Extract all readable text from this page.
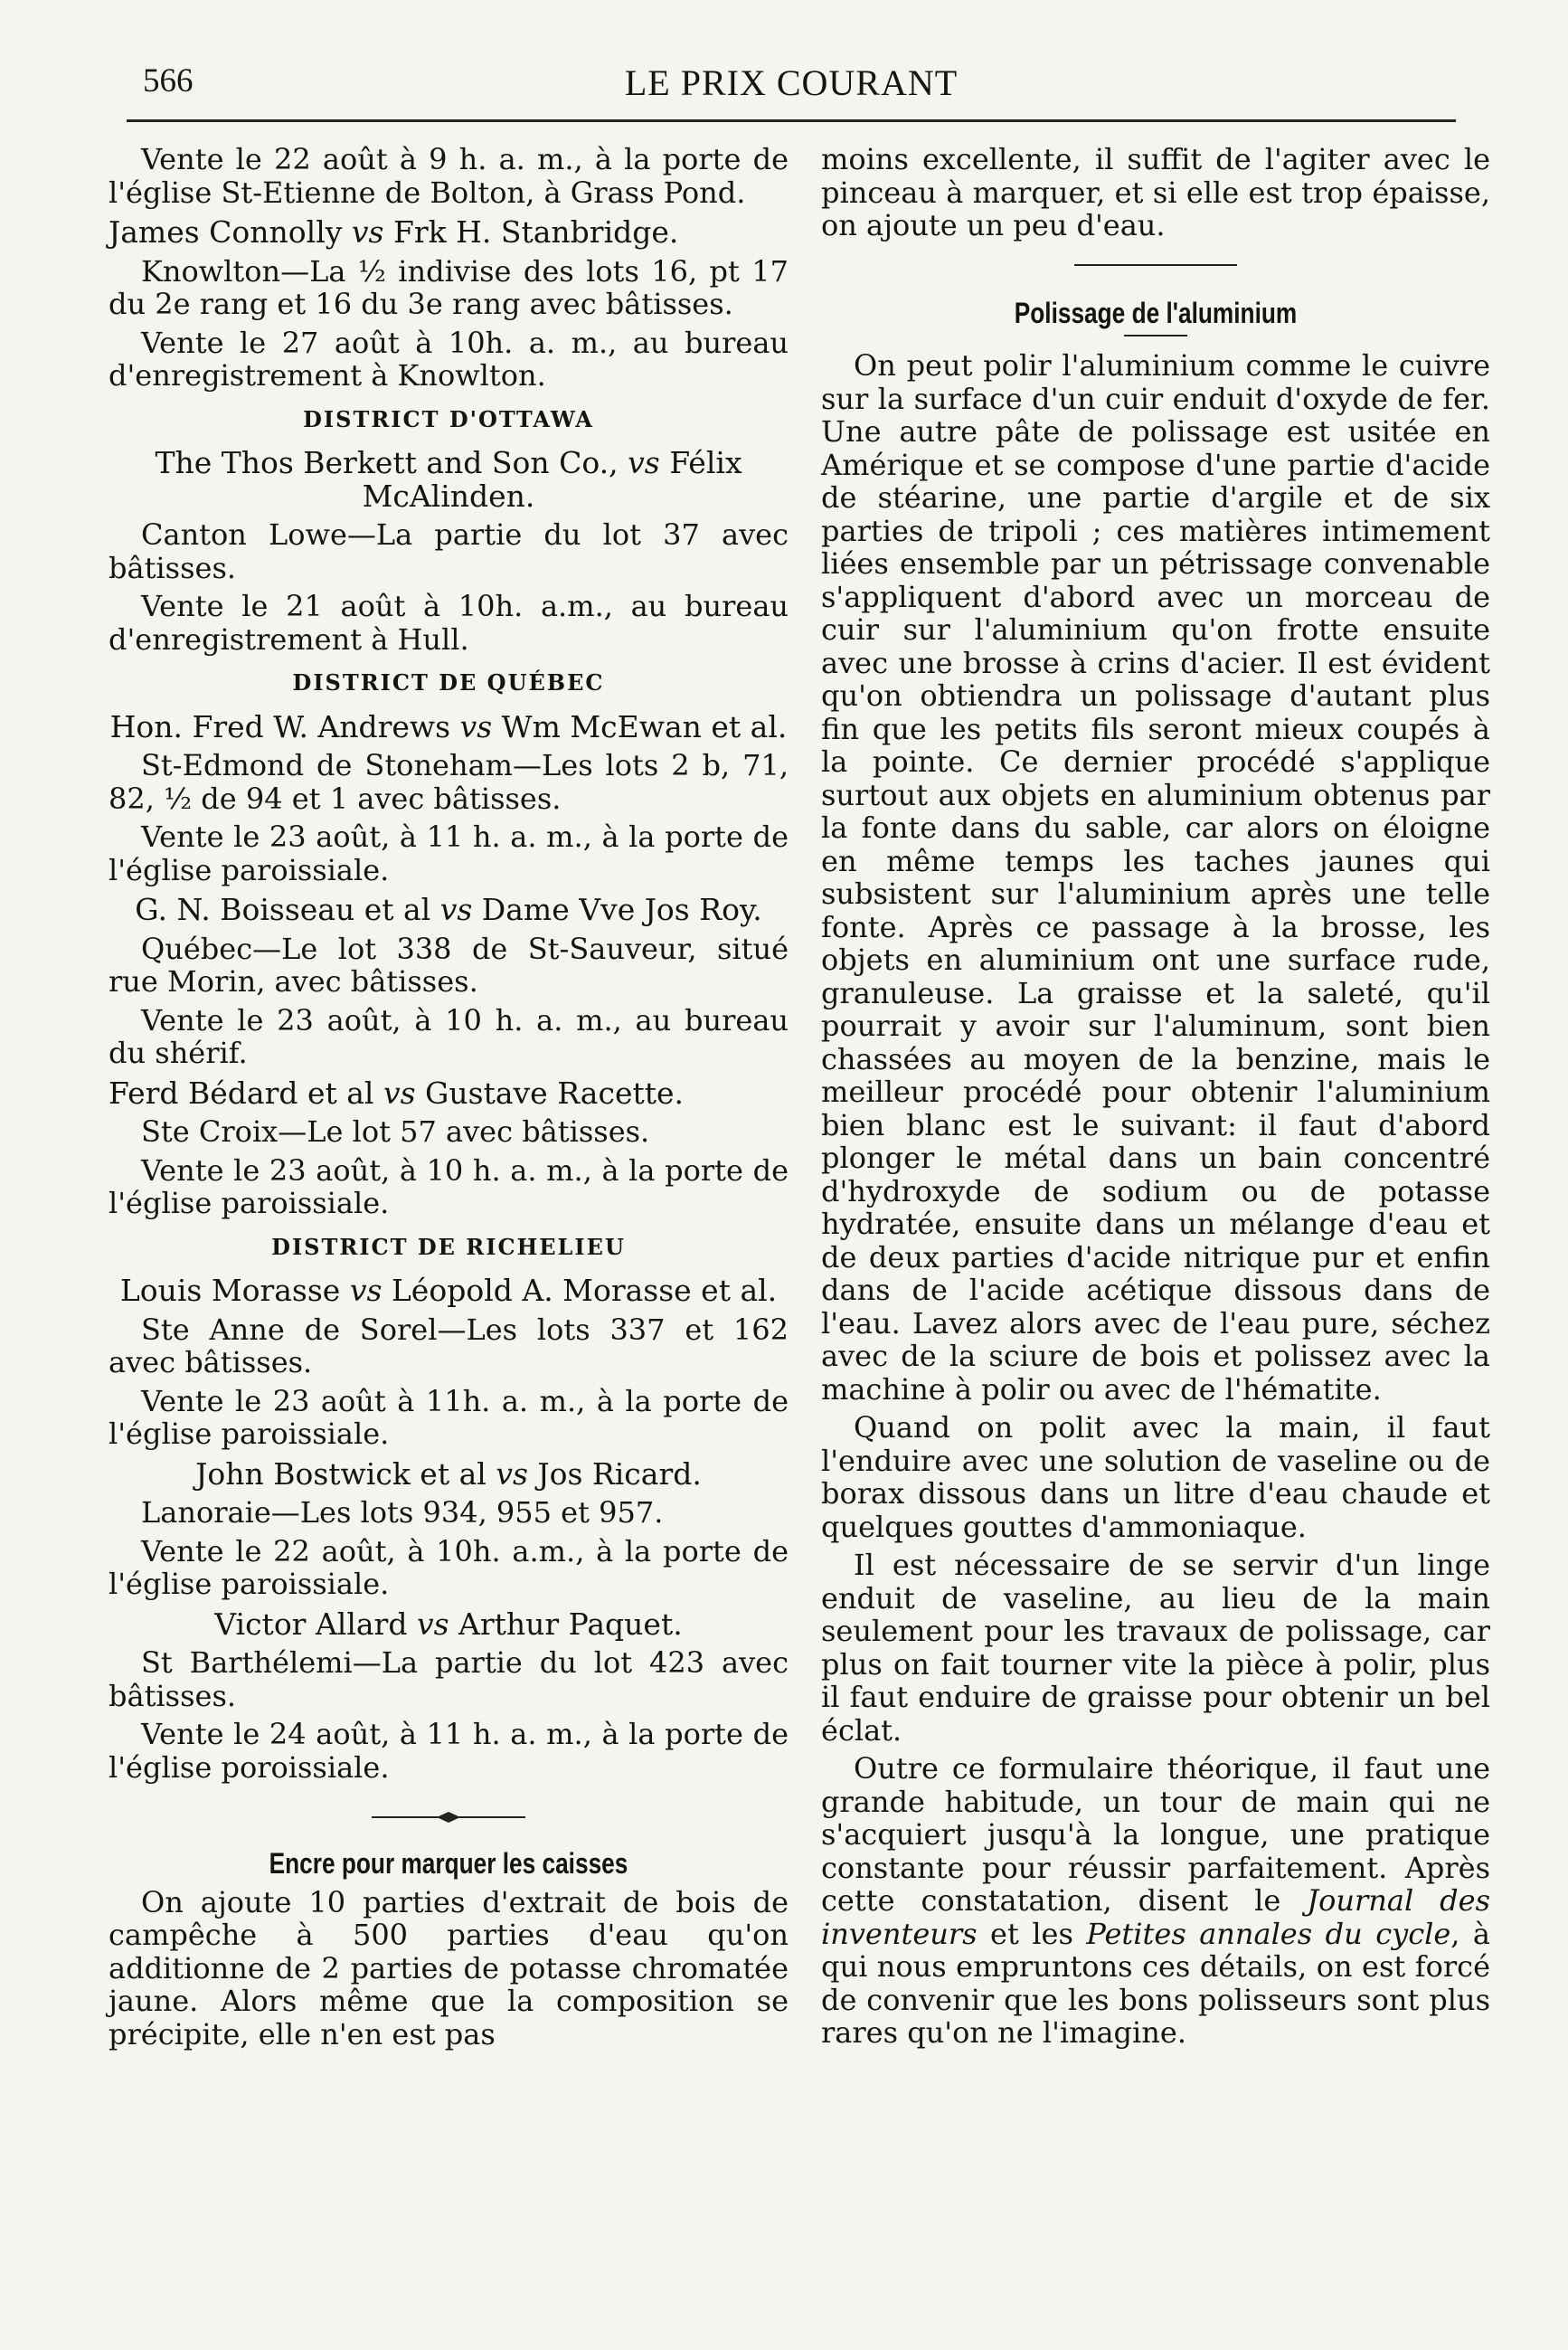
566	LE PRIX COURANT

Vente le 22 août à 9 h. a. m., à la porte de l'église St-Etienne de Bolton, à Grass Pond.

James Connolly vs Frk H. Stanbridge.

Knowlton—La ½ indivise des lots 16, pt 17 du 2e rang et 16 du 3e rang avec bâtisses.

Vente le 27 août à 10h. a. m., au bureau d'enregistrement à Knowlton.

DISTRICT D'OTTAWA

The Thos Berkett and Son Co., vs Félix McAlinden.

Canton Lowe—La partie du lot 37 avec bâtisses.

Vente le 21 août à 10h. a.m., au bureau d'enregistrement à Hull.

DISTRICT DE QUÉBEC

Hon. Fred W. Andrews vs Wm McEwan et al.

St-Edmond de Stoneham—Les lots 2 b, 71, 82, ½ de 94 et 1 avec bâtisses.

Vente le 23 août, à 11 h. a. m., à la porte de l'église paroissiale.

G. N. Boisseau et al vs Dame Vve Jos Roy.

Québec—Le lot 338 de St-Sauveur, situé rue Morin, avec bâtisses.

Vente le 23 août, à 10 h. a. m., au bureau du shérif.

Ferd Bédard et al vs Gustave Racette.

Ste Croix—Le lot 57 avec bâtisses.

Vente le 23 août, à 10 h. a. m., à la porte de l'église paroissiale.

DISTRICT DE RICHELIEU

Louis Morasse vs Léopold A. Morasse et al.

Ste Anne de Sorel—Les lots 337 et 162 avec bâtisses.

Vente le 23 août à 11h. a. m., à la porte de l'église paroissiale.

John Bostwick et al vs Jos Ricard.

Lanoraie—Les lots 934, 955 et 957.

Vente le 22 août, à 10h. a.m., à la porte de l'église paroissiale.

Victor Allard vs Arthur Paquet.

St Barthélemi—La partie du lot 423 avec bâtisses.

Vente le 24 août, à 11 h. a. m., à la porte de l'église poroissiale.

Encre pour marquer les caisses

On ajoute 10 parties d'extrait de bois de campêche à 500 parties d'eau qu'on additionne de 2 parties de potasse chromatée jaune. Alors même que la composition se précipite, elle n'en est pas

moins excellente, il suffit de l'agiter avec le pinceau à marquer, et si elle est trop épaisse, on ajoute un peu d'eau.

Polissage de l'aluminium

On peut polir l'aluminium comme le cuivre sur la surface d'un cuir enduit d'oxyde de fer. Une autre pâte de polissage est usitée en Amérique et se compose d'une partie d'acide de stéarine, une partie d'argile et de six parties de tripoli ; ces matières intimement liées ensemble par un pétrissage convenable s'appliquent d'abord avec un morceau de cuir sur l'aluminium qu'on frotte ensuite avec une brosse à crins d'acier. Il est évident qu'on obtiendra un polissage d'autant plus fin que les petits fils seront mieux coupés à la pointe. Ce dernier procédé s'applique surtout aux objets en aluminium obtenus par la fonte dans du sable, car alors on éloigne en même temps les taches jaunes qui subsistent sur l'aluminium après une telle fonte. Après ce passage à la brosse, les objets en aluminium ont une surface rude, granuleuse. La graisse et la saleté, qu'il pourrait y avoir sur l'aluminum, sont bien chassées au moyen de la benzine, mais le meilleur procédé pour obtenir l'aluminium bien blanc est le suivant: il faut d'abord plonger le métal dans un bain concentré d'hydroxyde de sodium ou de potasse hydratée, ensuite dans un mélange d'eau et de deux parties d'acide nitrique pur et enfin dans de l'acide acétique dissous dans de l'eau. Lavez alors avec de l'eau pure, séchez avec de la sciure de bois et polissez avec la machine à polir ou avec de l'hématite.

Quand on polit avec la main, il faut l'enduire avec une solution de vaseline ou de borax dissous dans un litre d'eau chaude et quelques gouttes d'ammoniaque.

Il est nécessaire de se servir d'un linge enduit de vaseline, au lieu de la main seulement pour les travaux de polissage, car plus on fait tourner vite la pièce à polir, plus il faut enduire de graisse pour obtenir un bel éclat.

Outre ce formulaire théorique, il faut une grande habitude, un tour de main qui ne s'acquiert jusqu'à la longue, une pratique constante pour réussir parfaitement. Après cette constatation, disent le Journal des inventeurs et les Petites annales du cycle, à qui nous empruntons ces détails, on est forcé de convenir que les bons polisseurs sont plus rares qu'on ne l'imagine.
